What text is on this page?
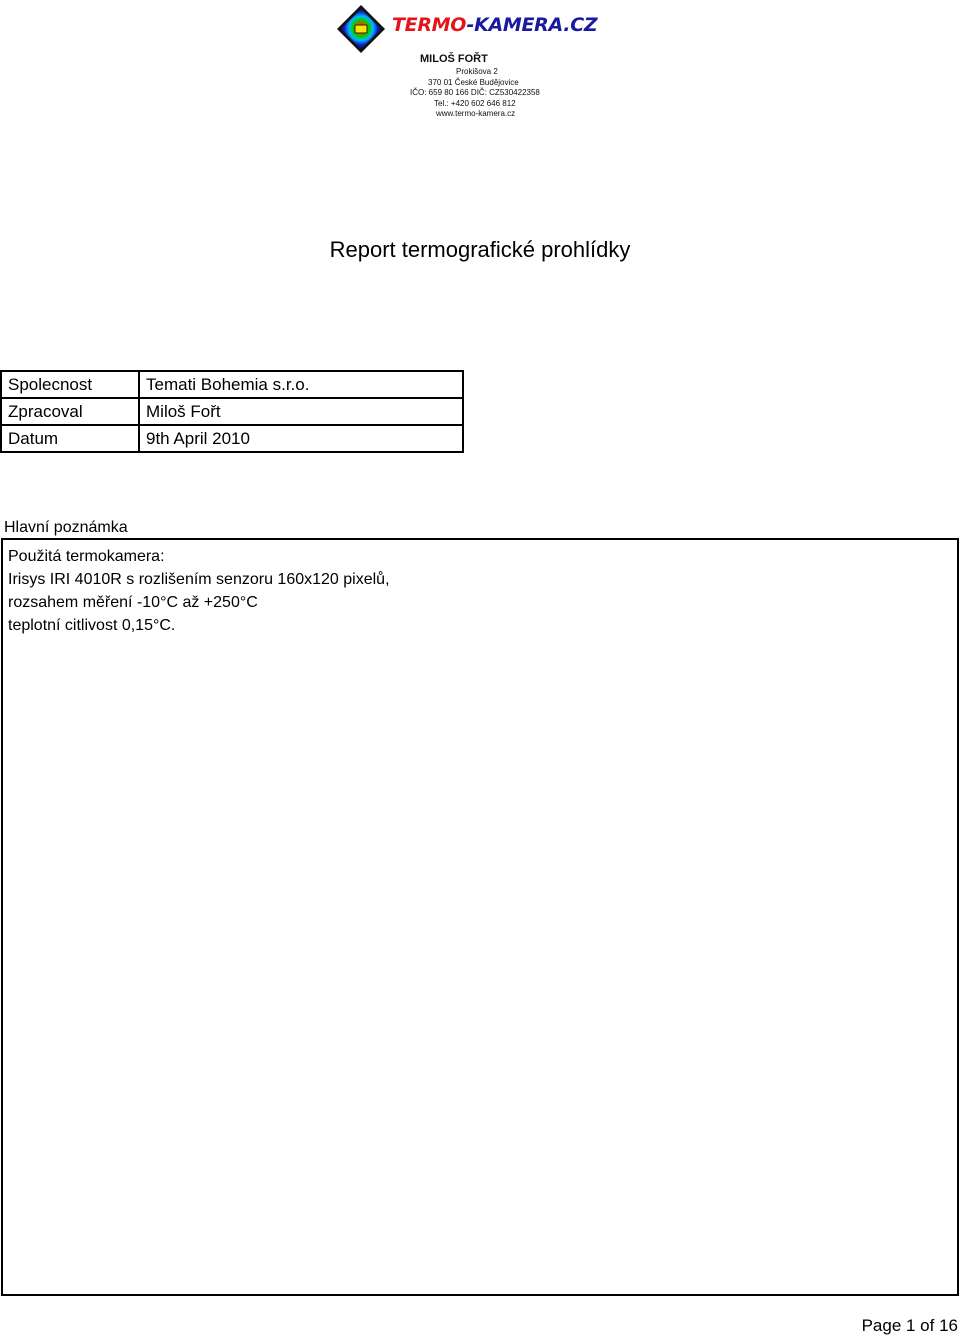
TERMO-KAMERA.CZ
MILOŠ FOŘT
Prokišova 2
370 01 České Budějovice
IČO: 659 80 166 DIČ: CZ530422358
Tel.: +420 602 646 812
www.termo-kamera.cz
Report termografické prohlídky
Spolecnost	Temati Bohemia s.r.o.
Zpracoval	Miloš Fořt
Datum	9th April 2010
Hlavní poznámka
Použitá termokamera:
Irisys IRI 4010R s rozlišením senzoru 160x120 pixelů,
rozsahem měření -10°C až +250°C
teplotní citlivost 0,15°C.
Page 1 of 16
